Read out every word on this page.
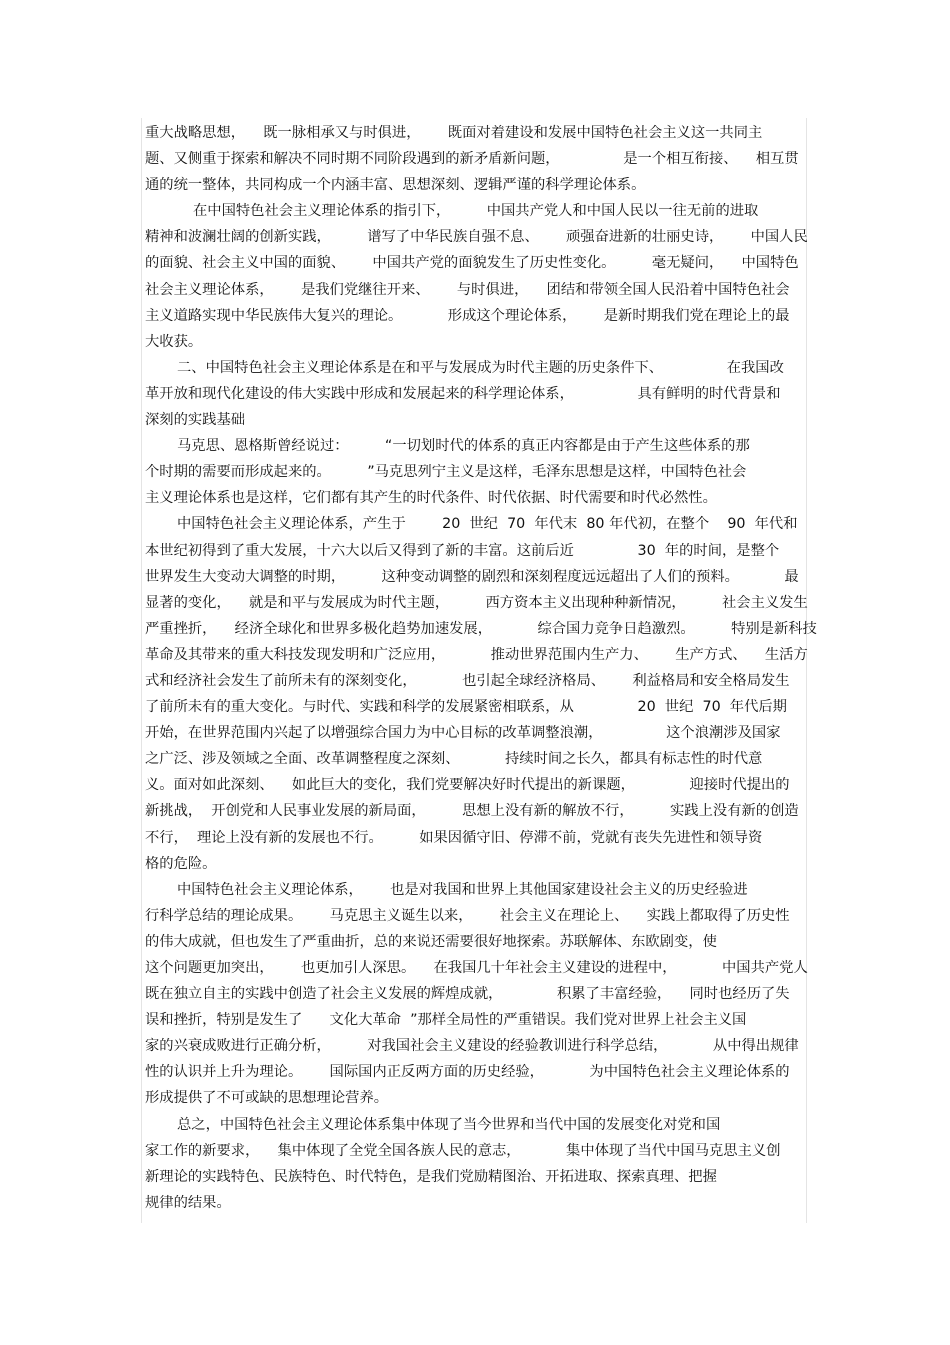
重大战略思想，    既一脉相承又与时俱进，      既面对着建设和发展中国特色社会主义这一共同主
题、又侧重于探索和解决不同时期不同阶段遇到的新矛盾新问题，              是一个相互衔接、    相互贯
通的统一整体，共同构成一个内涵丰富、思想深刻、逻辑严谨的科学理论体系。
在中国特色社会主义理论体系的指引下，        中国共产党人和中国人民以一往无前的进取
精神和波澜壮阔的创新实践，        谱写了中华民族自强不息、      顽强奋进新的壮丽史诗，      中国人民
的面貌、社会主义中国的面貌、      中国共产党的面貌发生了历史性变化。        毫无疑问，    中国特色
社会主义理论体系，      是我们党继往开来、      与时俱进，    团结和带领全国人民沿着中国特色社会
主义道路实现中华民族伟大复兴的理论。          形成这个理论体系，      是新时期我们党在理论上的最
大收获。
二、中国特色社会主义理论体系是在和平与发展成为时代主题的历史条件下、              在我国改
革开放和现代化建设的伟大实践中形成和发展起来的科学理论体系，              具有鲜明的时代背景和
深刻的实践基础
马克思、恩格斯曾经说过：        “一切划时代的体系的真正内容都是由于产生这些体系的那
个时期的需要而形成起来的。        ”马克思列宁主义是这样，毛泽东思想是这样，中国特色社会
主义理论体系也是这样，它们都有其产生的时代条件、时代依据、时代需要和时代必然性。
中国特色社会主义理论体系，产生于        20  世纪  70  年代末  80 年代初，在整个    90  年代和
本世纪初得到了重大发展，十六大以后又得到了新的丰富。这前后近              30  年的时间，是整个
世界发生大变动大调整的时期，        这种变动调整的剧烈和深刻程度远远超出了人们的预料。          最
显著的变化，    就是和平与发展成为时代主题，        西方资本主义出现种种新情况，        社会主义发生
严重挫折，    经济全球化和世界多极化趋势加速发展，          综合国力竞争日趋激烈。        特别是新科技
革命及其带来的重大科技发现发明和广泛应用，          推动世界范围内生产力、      生产方式、    生活方
式和经济社会发生了前所未有的深刻变化，          也引起全球经济格局、      利益格局和安全格局发生
了前所未有的重大变化。与时代、实践和科学的发展紧密相联系，从              20  世纪  70  年代后期
开始，在世界范围内兴起了以增强综合国力为中心目标的改革调整浪潮，              这个浪潮涉及国家
之广泛、涉及领域之全面、改革调整程度之深刻、          持续时间之长久，都具有标志性的时代意
义。面对如此深刻、    如此巨大的变化，我们党要解决好时代提出的新课题，            迎接时代提出的
新挑战，  开创党和人民事业发展的新局面，        思想上没有新的解放不行，        实践上没有新的创造
不行，  理论上没有新的发展也不行。        如果因循守旧、停滞不前，党就有丧失先进性和领导资
格的危险。
中国特色社会主义理论体系，      也是对我国和世界上其他国家建设社会主义的历史经验进
行科学总结的理论成果。      马克思主义诞生以来，      社会主义在理论上、    实践上都取得了历史性
的伟大成就，但也发生了严重曲折，总的来说还需要很好地探索。苏联解体、东欧剧变，使
这个问题更加突出，      也更加引人深思。    在我国几十年社会主义建设的进程中，          中国共产党人
既在独立自主的实践中创造了社会主义发展的辉煌成就，            积累了丰富经验，    同时也经历了失
误和挫折，特别是发生了      文化大革命  ”那样全局性的严重错误。我们党对世界上社会主义国
家的兴衰成败进行正确分析，        对我国社会主义建设的经验教训进行科学总结，          从中得出规律
性的认识并上升为理论。      国际国内正反两方面的历史经验，          为中国特色社会主义理论体系的
形成提供了不可或缺的思想理论营养。
总之，中国特色社会主义理论体系集中体现了当今世界和当代中国的发展变化对党和国
家工作的新要求，    集中体现了全党全国各族人民的意志，          集中体现了当代中国马克思主义创
新理论的实践特色、民族特色、时代特色，是我们党励精图治、开拓进取、探索真理、把握
规律的结果。
